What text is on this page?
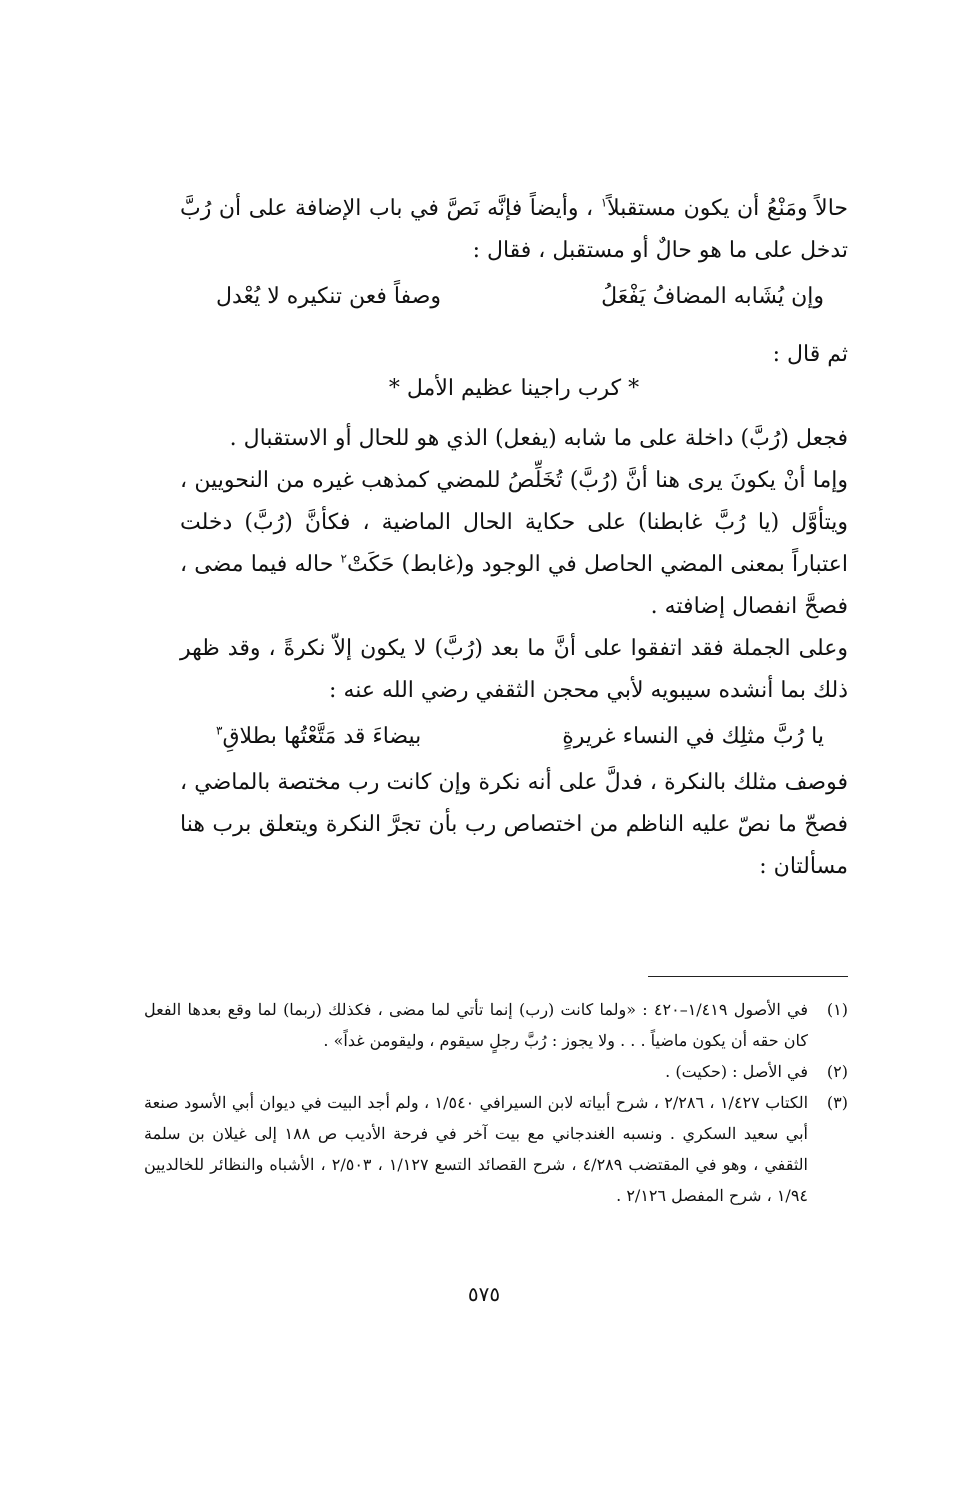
حالاً ومَنْعُ أن يكون مستقبلاً$^١$ ، وأيضاً فإنَّه نَصَّ في باب الإضافة على أن رُبَّ تدخل على ما هو حالٌ أو مستقبل ، فقال :

وإن يُشَابه المضافُ يَفْعَلُ
وصفاً فعن تنكيره لا يُعْدل

ثم قال :

* كرب راجينا عظيم الأمل *

فجعل (رُبَّ) داخلة على ما شابه (يفعل) الذي هو للحال أو الاستقبال .

وإما أنْ يكونَ يرى هنا أنَّ (رُبَّ) تُخَلِّصُ للمضي كمذهب غيره من النحويين ، ويتأوَّل (يا رُبَّ غابطنا) على حكاية الحال الماضية ، فكأنَّ (رُبَّ) دخلت اعتباراً بمعنى المضي الحاصل في الوجود و(غابط) حَكَتْ$^٢$ حاله فيما مضى ، فصحَّ انفصال إضافته .

وعلى الجملة فقد اتفقوا على أنَّ ما بعد (رُبَّ) لا يكون إلاّ نكرةً ، وقد ظهر ذلك بما أنشده سيبويه لأبي محجن الثقفي رضي الله عنه :

يا رُبَّ مثلِك في النساء غريرةٍ
بيضاءَ قد مَتَّعْتُها بطلاقِ$^٣$

فوصف مثلك بالنكرة ، فدلَّ على أنه نكرة وإن كانت رب مختصة بالماضي ، فصحّ ما نصّ عليه الناظم من اختصاص رب بأن تجرَّ النكرة ويتعلق برب هنا مسألتان :

(١)
في الأصول ١/٤١٩–٤٢٠ : «ولما كانت (رب) إنما تأتي لما مضى ، فكذلك (ربما) لما وقع بعدها الفعل كان حقه أن يكون ماضياً . . . ولا يجوز : رُبَّ رجلٍ سيقوم ، وليقومن غداً» .
(٢)
في الأصل : (حكيت) .
(٣)
الكتاب ١/٤٢٧ ، ٢/٢٨٦ ، شرح أبياته لابن السيرافي ١/٥٤٠ ، ولم أجد البيت في ديوان أبي الأسود صنعة أبي سعيد السكري . ونسبه الغندجاني مع بيت آخر في فرحة الأديب ص ١٨٨ إلى غيلان بن سلمة الثقفي ، وهو في المقتضب ٤/٢٨٩ ، شرح القصائد التسع ١/١٢٧ ، ٢/٥٠٣ ، الأشباه والنظائر للخالديين ١/٩٤ ، شرح المفصل ٢/١٢٦ .
٥٧٥
